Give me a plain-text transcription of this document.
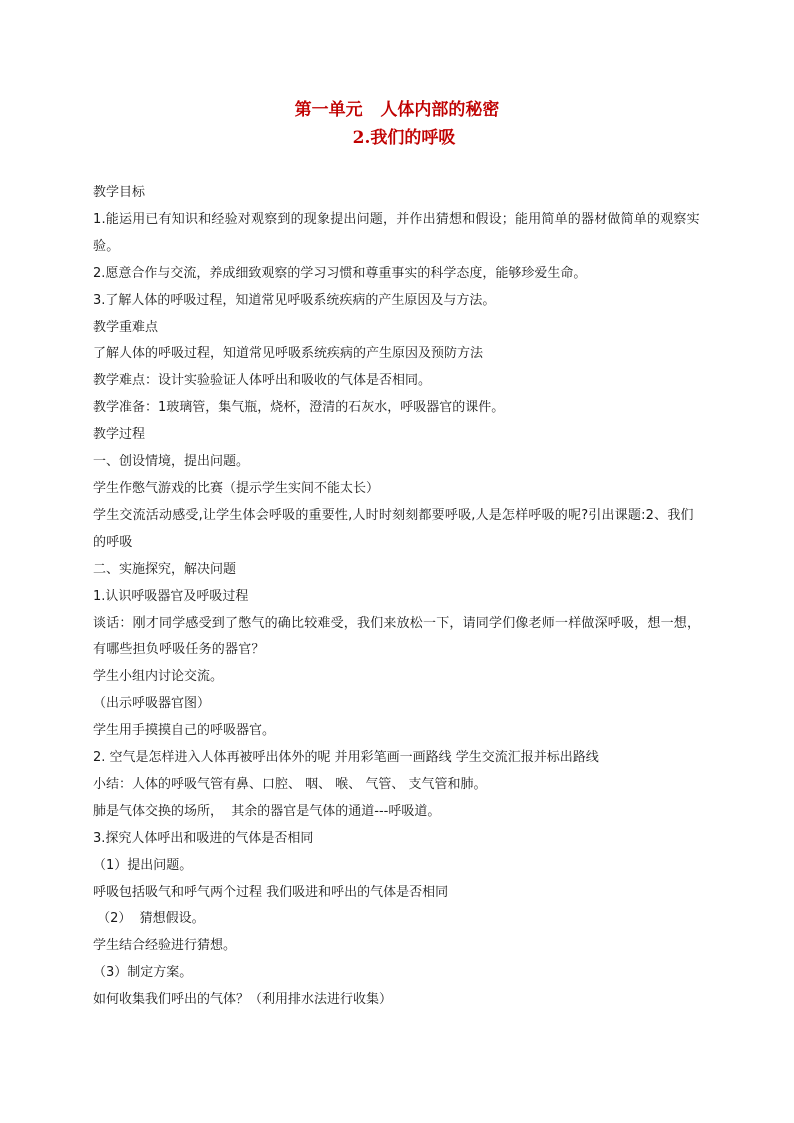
第一单元   人体内部的秘密
2.我们的呼吸

教学目标

1.能运用已有知识和经验对观察到的现象提出问题，并作出猜想和假设；能用简单的器材做简单的观察实验。

2.愿意合作与交流，养成细致观察的学习习惯和尊重事实的科学态度，能够珍爱生命。

3.了解人体的呼吸过程，知道常见呼吸系统疾病的产生原因及与方法。

教学重难点

了解人体的呼吸过程，知道常见呼吸系统疾病的产生原因及预防方法

教学难点：设计实验验证人体呼出和吸收的气体是否相同。

教学准备：1玻璃管，集气瓶，烧杯，澄清的石灰水，呼吸器官的课件。

教学过程

一、创设情境，提出问题。

学生作憋气游戏的比赛（提示学生实间不能太长）

学生交流活动感受,让学生体会呼吸的重要性,人时时刻刻都要呼吸,人是怎样呼吸的呢?引出课题:2、我们的呼吸

二、实施探究，解决问题

1.认识呼吸器官及呼吸过程

谈话：刚才同学感受到了憋气的确比较难受，我们来放松一下，请同学们像老师一样做深呼吸，想一想，有哪些担负呼吸任务的器官？

学生小组内讨论交流。

（出示呼吸器官图）

学生用手摸摸自己的呼吸器官。

2. 空气是怎样进入人体再被呼出体外的呢 并用彩笔画一画路线 学生交流汇报并标出路线

小结：人体的呼吸气管有鼻、口腔、 咽、 喉、 气管、 支气管和肺。

肺是气体交换的场所，  其余的器官是气体的通道---呼吸道。

3.探究人体呼出和吸进的气体是否相同

（1）提出问题。

呼吸包括吸气和呼气两个过程 我们吸进和呼出的气体是否相同

（2）  猜想假设。

学生结合经验进行猜想。

（3）制定方案。

如何收集我们呼出的气体？（利用排水法进行收集）
